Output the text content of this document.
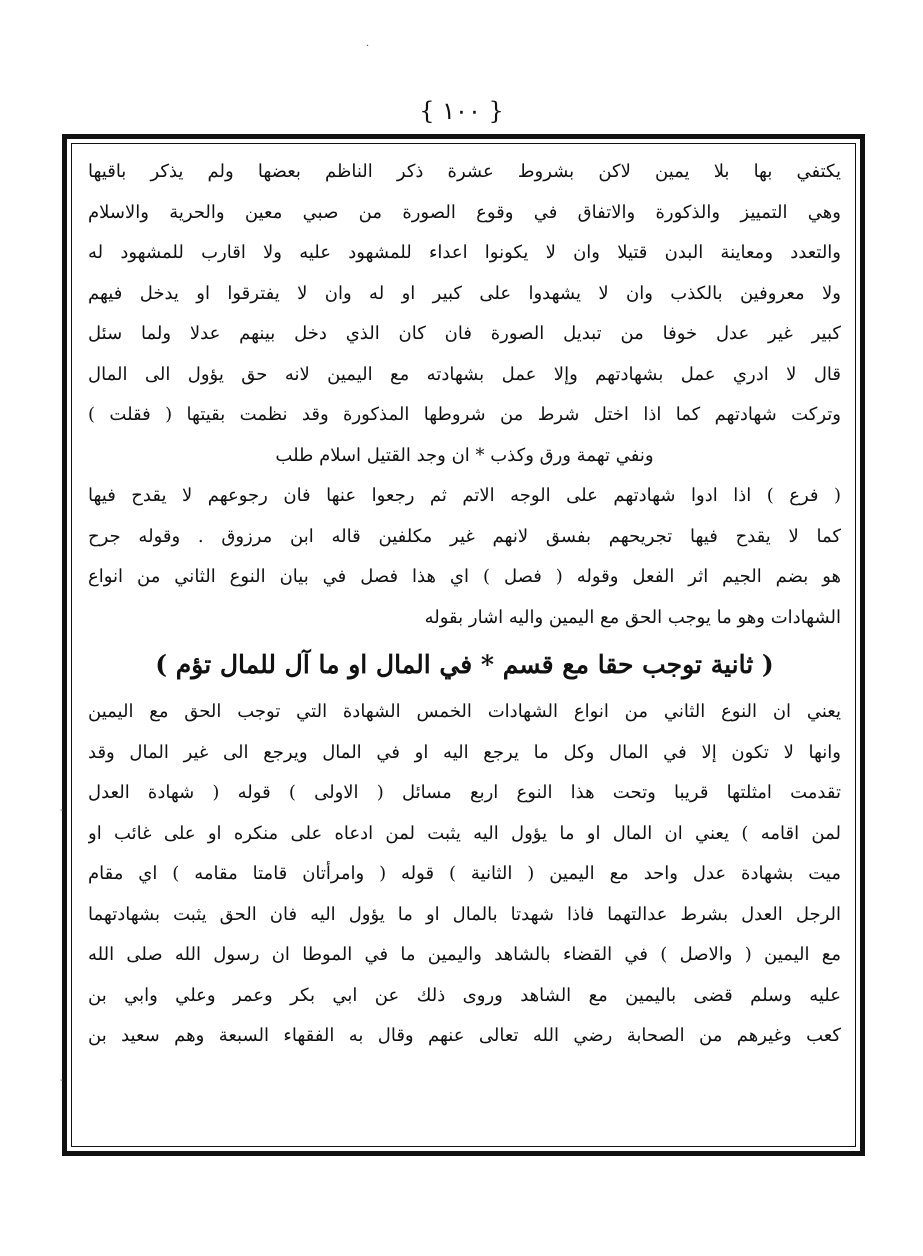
{ ١٠٠ }
يكتفي بها بلا يمين لاكن بشروط عشرة ذكر الناظم بعضها ولم يذكر باقيها
وهي التمييز والذكورة والاتفاق في وقوع الصورة من صبي معين والحرية والاسلام
والتعدد ومعاينة البدن قتيلا وان لا يكونوا اعداء للمشهود عليه ولا اقارب للمشهود له
ولا معروفين بالكذب وان لا يشهدوا على كبير او له وان لا يفترقوا او يدخل فيهم
كبير غير عدل خوفا من تبديل الصورة فان كان الذي دخل بينهم عدلا ولما سئل
قال لا ادري عمل بشهادتهم وإلا عمل بشهادته مع اليمين لانه حق يؤول الى المال
وتركت شهادتهم كما اذا اختل شرط من شروطها المذكورة وقد نظمت بقيتها ( فقلت )
ونفي تهمة ورق وكذب * ان وجد القتيل اسلام طلب
( فرع ) اذا ادوا شهادتهم على الوجه الاتم ثم رجعوا عنها فان رجوعهم لا يقدح فيها
كما لا يقدح فيها تجريحهم بفسق لانهم غير مكلفين قاله ابن مرزوق . وقوله جرح
هو بضم الجيم اثر الفعل وقوله ( فصل ) اي هذا فصل في بيان النوع الثاني من انواع
الشهادات وهو ما يوجب الحق مع اليمين واليه اشار بقوله
( ثانية توجب حقا مع قسم * في المال او ما آل للمال تؤم )
يعني ان النوع الثاني من انواع الشهادات الخمس الشهادة التي توجب الحق مع اليمين
وانها لا تكون إلا في المال وكل ما يرجع اليه او في المال ويرجع الى غير المال وقد
تقدمت امثلتها قريبا وتحت هذا النوع اربع مسائل ( الاولى ) قوله ( شهادة العدل
لمن اقامه ) يعني ان المال او ما يؤول اليه يثبت لمن ادعاه على منكره او على غائب او
ميت بشهادة عدل واحد مع اليمين ( الثانية ) قوله ( وامرأتان قامتا مقامه ) اي مقام
الرجل العدل بشرط عدالتهما فاذا شهدتا بالمال او ما يؤول اليه فان الحق يثبت بشهادتهما
مع اليمين ( والاصل ) في القضاء بالشاهد واليمين ما في الموطا ان رسول الله صلى الله
عليه وسلم قضى باليمين مع الشاهد وروى ذلك عن ابي بكر وعمر وعلي وابي بن
كعب وغيرهم من الصحابة رضي الله تعالى عنهم وقال به الفقهاء السبعة وهم سعيد بن
·
-
-
